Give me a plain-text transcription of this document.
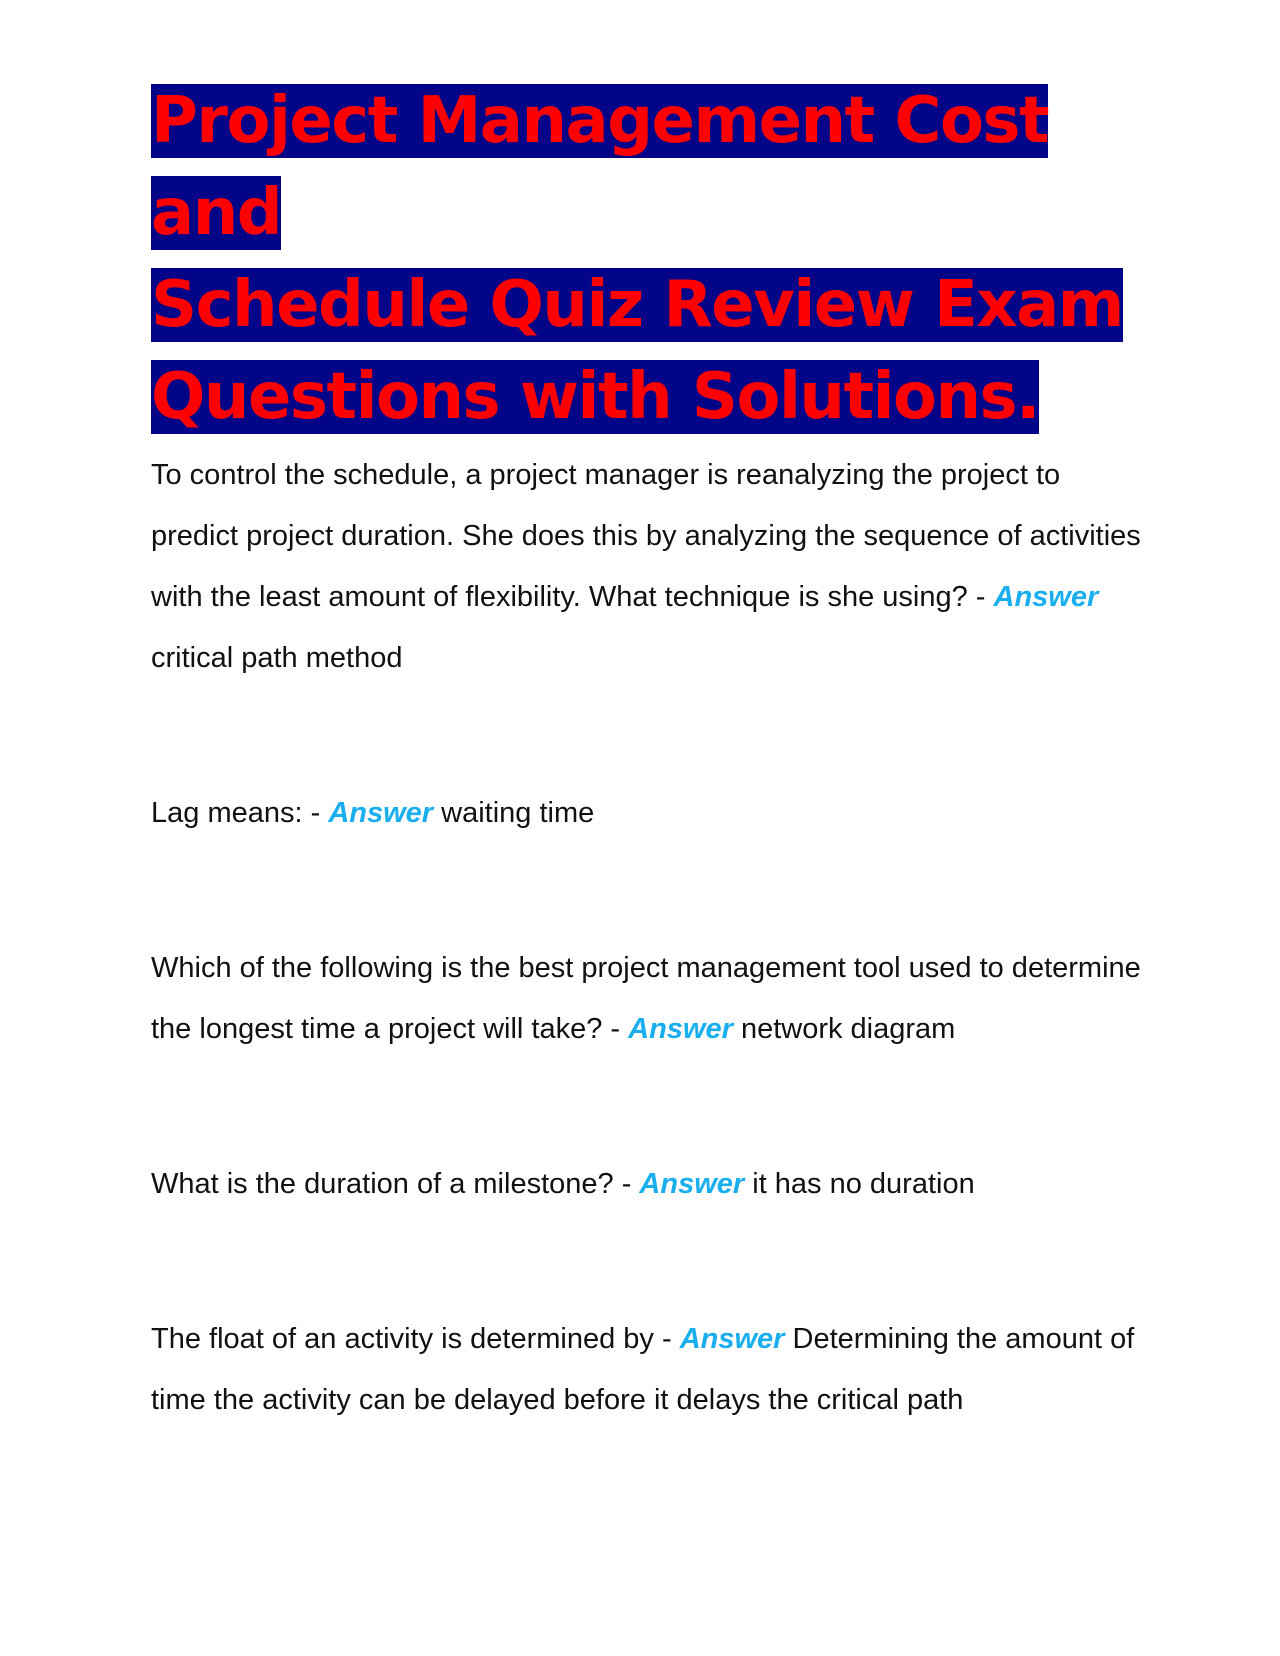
Project Management Cost and
Schedule Quiz Review Exam
Questions with Solutions.

To control the schedule, a project manager is reanalyzing the project to predict project duration. She does this by analyzing the sequence of activities with the least amount of flexibility. What technique is she using? - Answer critical path method

Lag means: - Answer waiting time

Which of the following is the best project management tool used to determine the longest time a project will take? - Answer network diagram

What is the duration of a milestone? - Answer it has no duration

The float of an activity is determined by - Answer Determining the amount of time the activity can be delayed before it delays the critical path
